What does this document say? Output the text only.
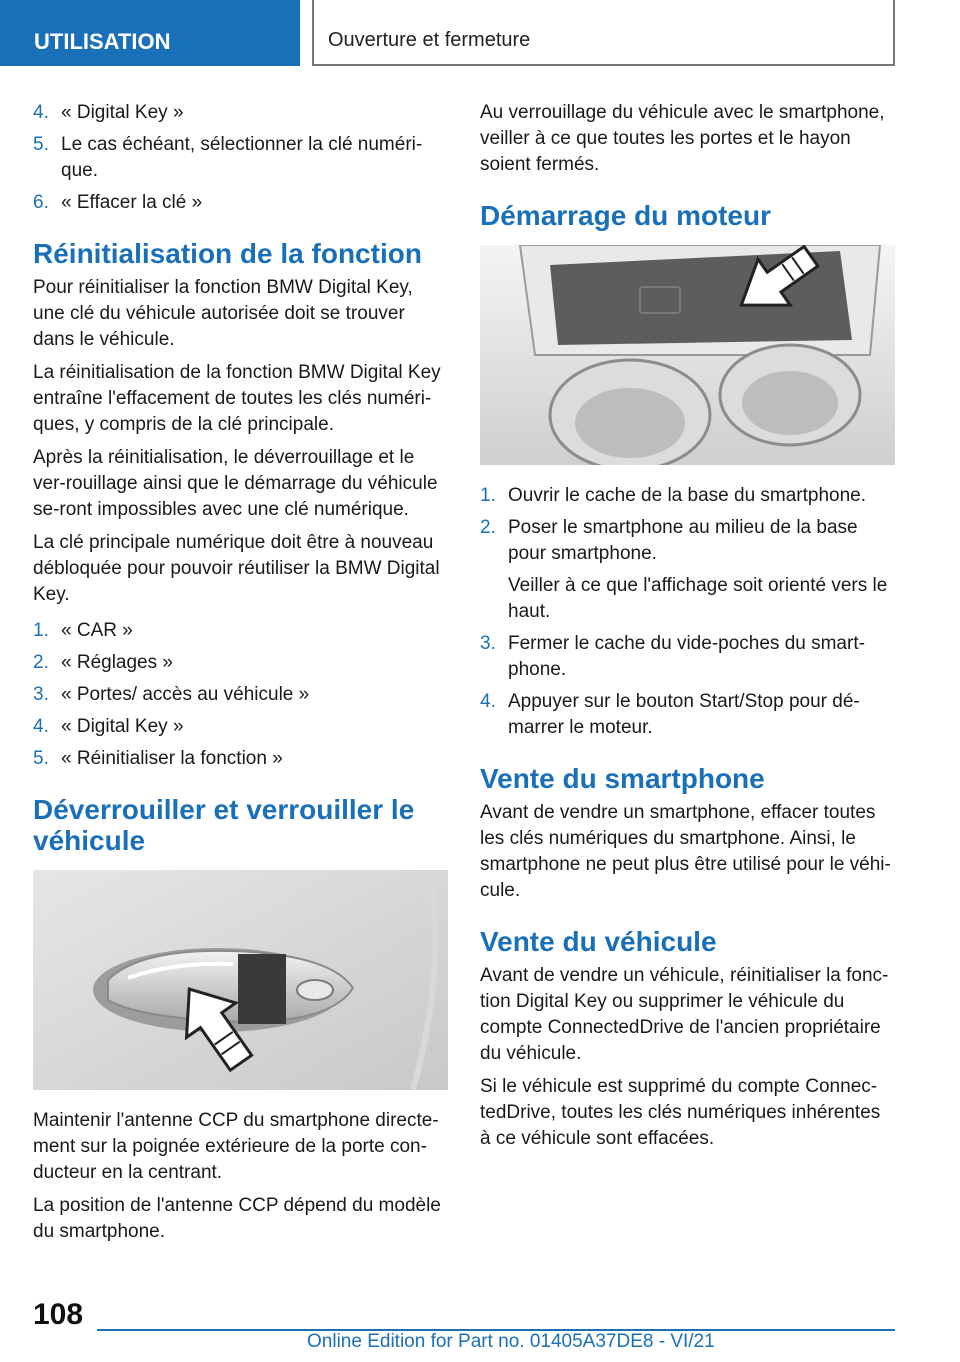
UTILISATION	Ouverture et fermeture
4. « Digital Key »
5. Le cas échéant, sélectionner la clé numéri-que.
6. « Effacer la clé »
Réinitialisation de la fonction

Pour réinitialiser la fonction BMW Digital Key, une clé du véhicule autorisée doit se trouver dans le véhicule.

La réinitialisation de la fonction BMW Digital Key entraîne l'effacement de toutes les clés numéri-ques, y compris de la clé principale.

Après la réinitialisation, le déverrouillage et le ver-rouillage ainsi que le démarrage du véhicule se-ront impossibles avec une clé numérique.

La clé principale numérique doit être à nouveau débloquée pour pouvoir réutiliser la BMW Digital Key.

1. « CAR »
2. « Réglages »
3. « Portes/ accès au véhicule »
4. « Digital Key »
5. « Réinitialiser la fonction »
Déverrouiller et verrouiller le véhicule

Maintenir l'antenne CCP du smartphone directe-ment sur la poignée extérieure de la porte con-ducteur en la centrant.

La position de l'antenne CCP dépend du modèle du smartphone.

Au verrouillage du véhicule avec le smartphone, veiller à ce que toutes les portes et le hayon soient fermés.

Démarrage du moteur
1. Ouvrir le cache de la base du smartphone.
2. Poser le smartphone au milieu de la base pour smartphone.
Veiller à ce que l'affichage soit orienté vers le haut.
3. Fermer le cache du vide-poches du smart-phone.
4. Appuyer sur le bouton Start/Stop pour dé-marrer le moteur.
Vente du smartphone

Avant de vendre un smartphone, effacer toutes les clés numériques du smartphone. Ainsi, le smartphone ne peut plus être utilisé pour le véhi-cule.

Vente du véhicule

Avant de vendre un véhicule, réinitialiser la fonc-tion Digital Key ou supprimer le véhicule du compte ConnectedDrive de l'ancien propriétaire du véhicule.

Si le véhicule est supprimé du compte Connec-tedDrive, toutes les clés numériques inhérentes à ce véhicule sont effacées.

108
Online Edition for Part no. 01405A37DE8 - VI/21
